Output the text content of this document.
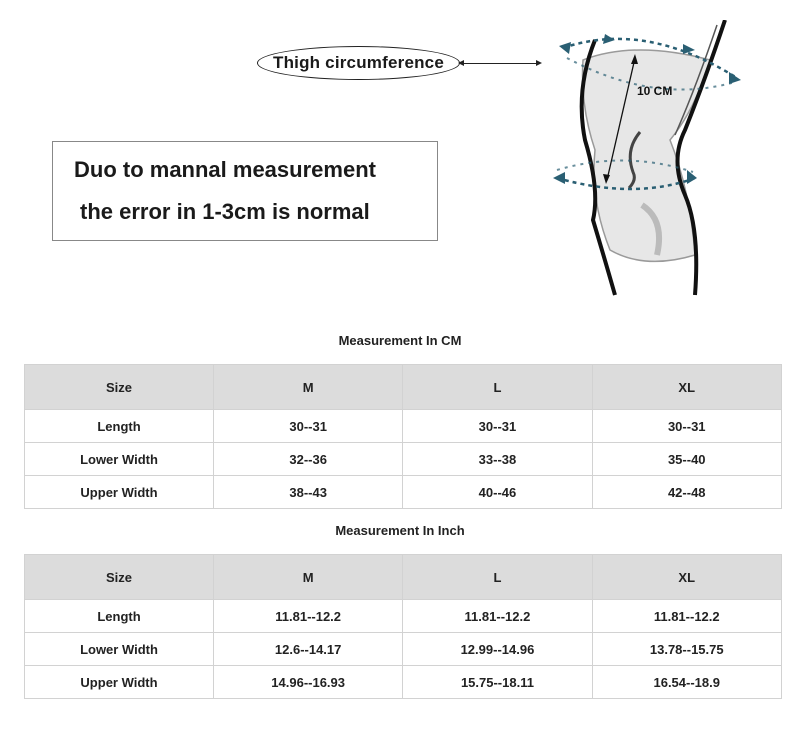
Thigh circumference
Duo to mannal measurement
the error in 1-3cm is normal
10 CM
Measurement In CM
Size	M	L	XL
Length	30--31	30--31	30--31
Lower Width	32--36	33--38	35--40
Upper Width	38--43	40--46	42--48
Measurement In Inch
Size	M	L	XL
Length	11.81--12.2	11.81--12.2	11.81--12.2
Lower Width	12.6--14.17	12.99--14.96	13.78--15.75
Upper Width	14.96--16.93	15.75--18.11	16.54--18.9
